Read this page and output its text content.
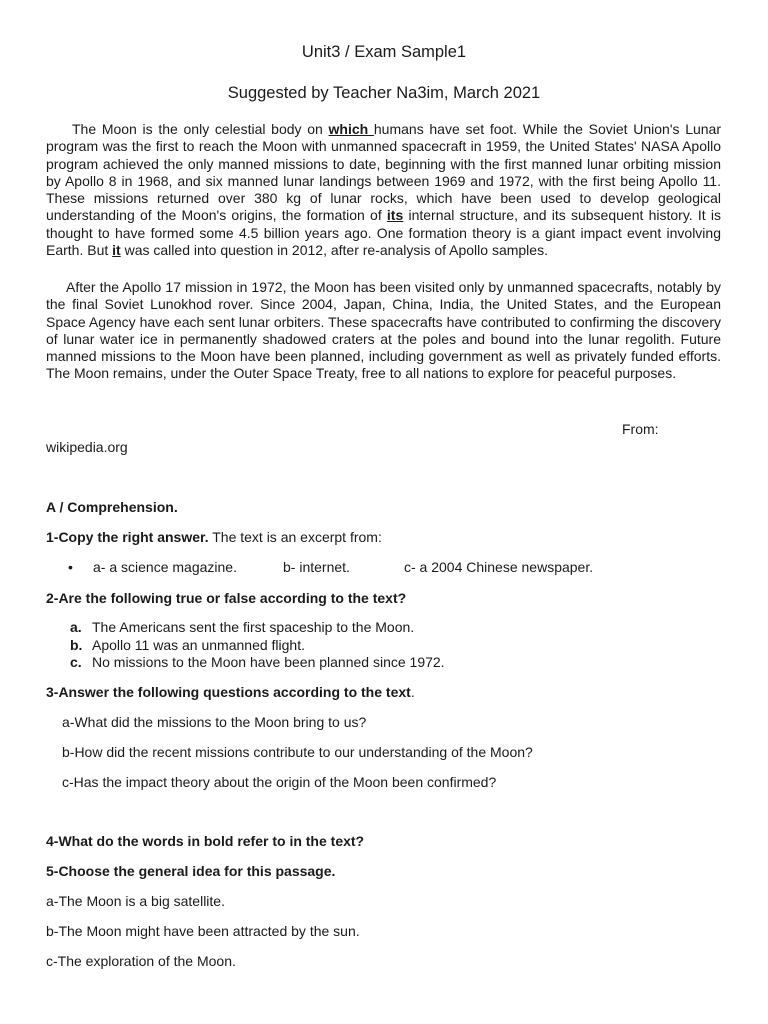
Unit3 / Exam Sample1
Suggested by Teacher Na3im, March 2021

The Moon is the only celestial body on which humans have set foot. While the Soviet Union's Lunar program was the first to reach the Moon with unmanned spacecraft in 1959, the United States' NASA Apollo program achieved the only manned missions to date, beginning with the first manned lunar orbiting mission by Apollo 8 in 1968, and six manned lunar landings between 1969 and 1972, with the first being Apollo 11. These missions returned over 380 kg of lunar rocks, which have been used to develop geological understanding of the Moon's origins, the formation of its internal structure, and its subsequent history. It is thought to have formed some 4.5 billion years ago. One formation theory is a giant impact event involving Earth. But it was called into question in 2012, after re-analysis of Apollo samples.

After the Apollo 17 mission in 1972, the Moon has been visited only by unmanned spacecrafts, notably by the final Soviet Lunokhod rover. Since 2004, Japan, China, India, the United States, and the European Space Agency have each sent lunar orbiters. These spacecrafts have contributed to confirming the discovery of lunar water ice in permanently shadowed craters at the poles and bound into the lunar regolith. Future manned missions to the Moon have been planned, including government as well as privately funded efforts. The Moon remains, under the Outer Space Treaty, free to all nations to explore for peaceful purposes.

From:
wikipedia.org
A / Comprehension.
1-Copy the right answer. The text is an excerpt from:
• a- a science magazine.	b- internet.	c- a 2004 Chinese newspaper.
2-Are the following true or false according to the text?
a. The Americans sent the first spaceship to the Moon.
b. Apollo 11 was an unmanned flight.
c. No missions to the Moon have been planned since 1972.
3-Answer the following questions according to the text.
a-What did the missions to the Moon bring to us?
b-How did the recent missions contribute to our understanding of the Moon?
c-Has the impact theory about the origin of the Moon been confirmed?
4-What do the words in bold refer to in the text?
5-Choose the general idea for this passage.
a-The Moon is a big satellite.
b-The Moon might have been attracted by the sun.
c-The exploration of the Moon.
